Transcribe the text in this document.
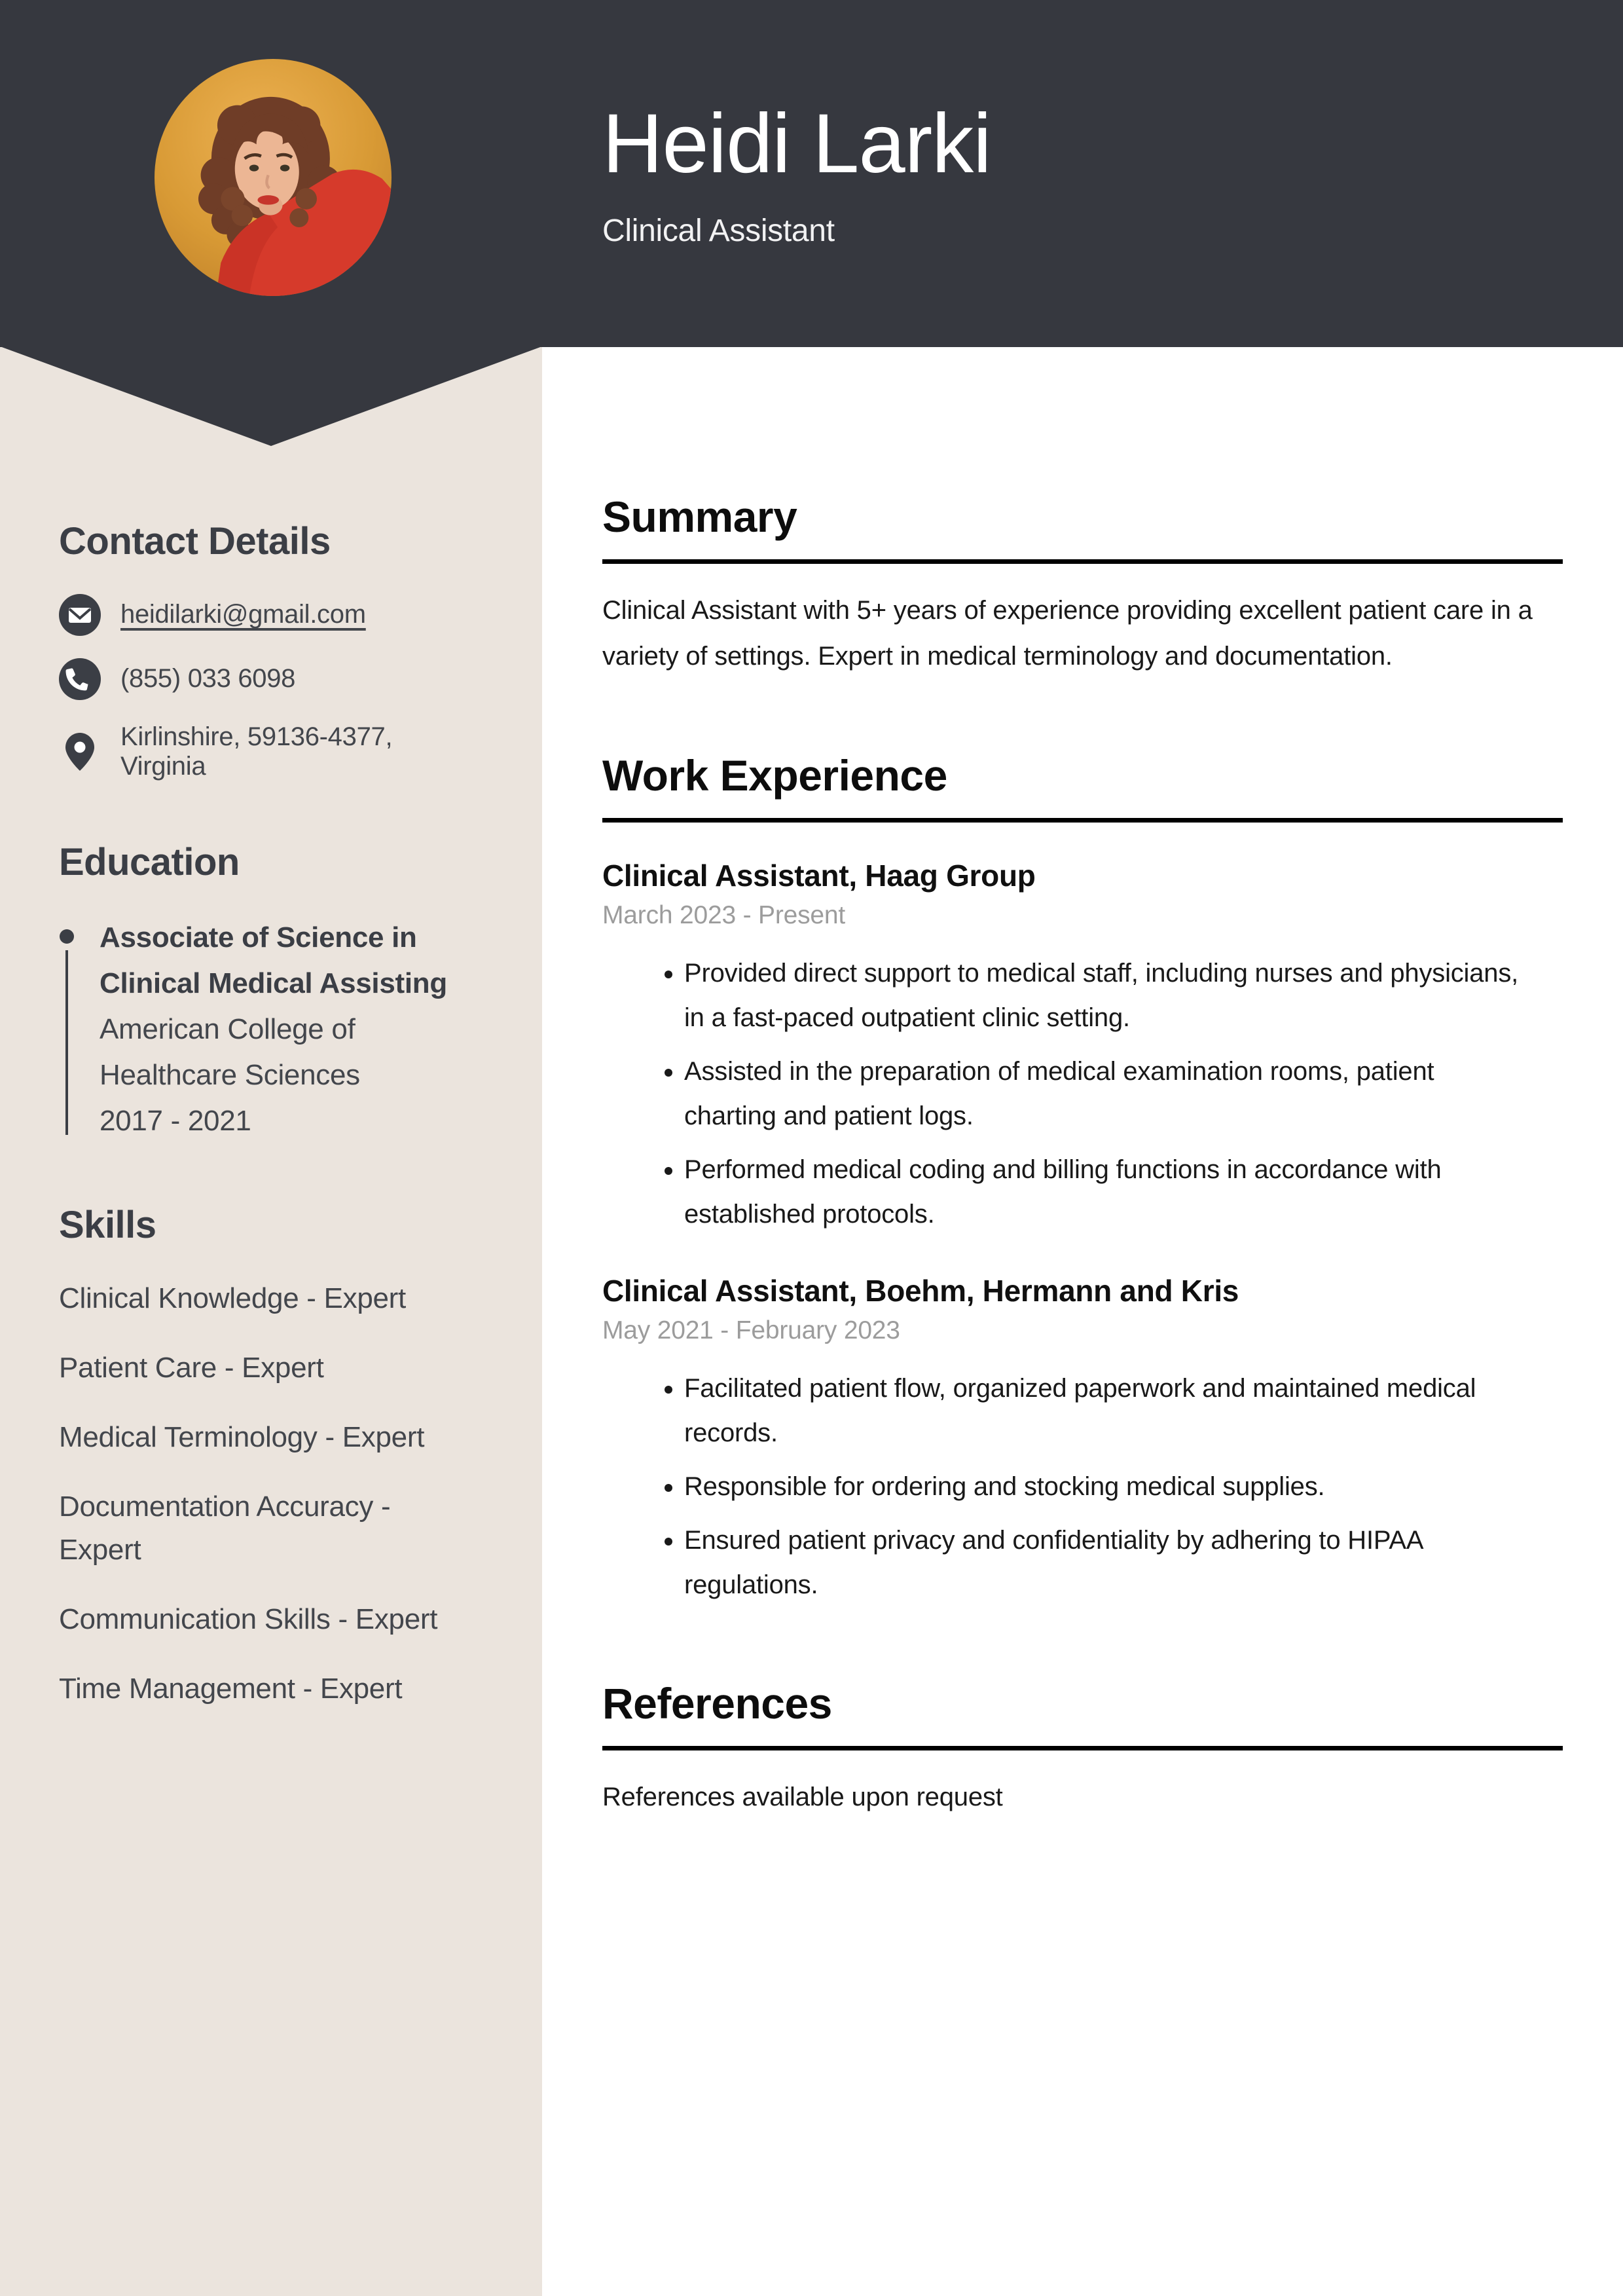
Contact Details
heidilarki@gmail.com
(855) 033 6098
Kirlinshire, 59136-4377, Virginia
Education
Associate of Science in Clinical Medical Assisting
American College of Healthcare Sciences
2017 - 2021
Skills
Clinical Knowledge - Expert
Patient Care - Expert
Medical Terminology - Expert
Documentation Accuracy - Expert
Communication Skills - Expert
Time Management - Expert
Heidi Larki
Clinical Assistant
Summary

Clinical Assistant with 5+ years of experience providing excellent patient care in a variety of settings. Expert in medical terminology and documentation.

Work Experience
Clinical Assistant, Haag Group
March 2023 - Present
• Provided direct support to medical staff, including nurses and physicians, in a fast-paced outpatient clinic setting.
• Assisted in the preparation of medical examination rooms, patient charting and patient logs.
• Performed medical coding and billing functions in accordance with established protocols.
Clinical Assistant, Boehm, Hermann and Kris
May 2021 - February 2023
• Facilitated patient flow, organized paperwork and maintained medical records.
• Responsible for ordering and stocking medical supplies.
• Ensured patient privacy and confidentiality by adhering to HIPAA regulations.
References

References available upon request
